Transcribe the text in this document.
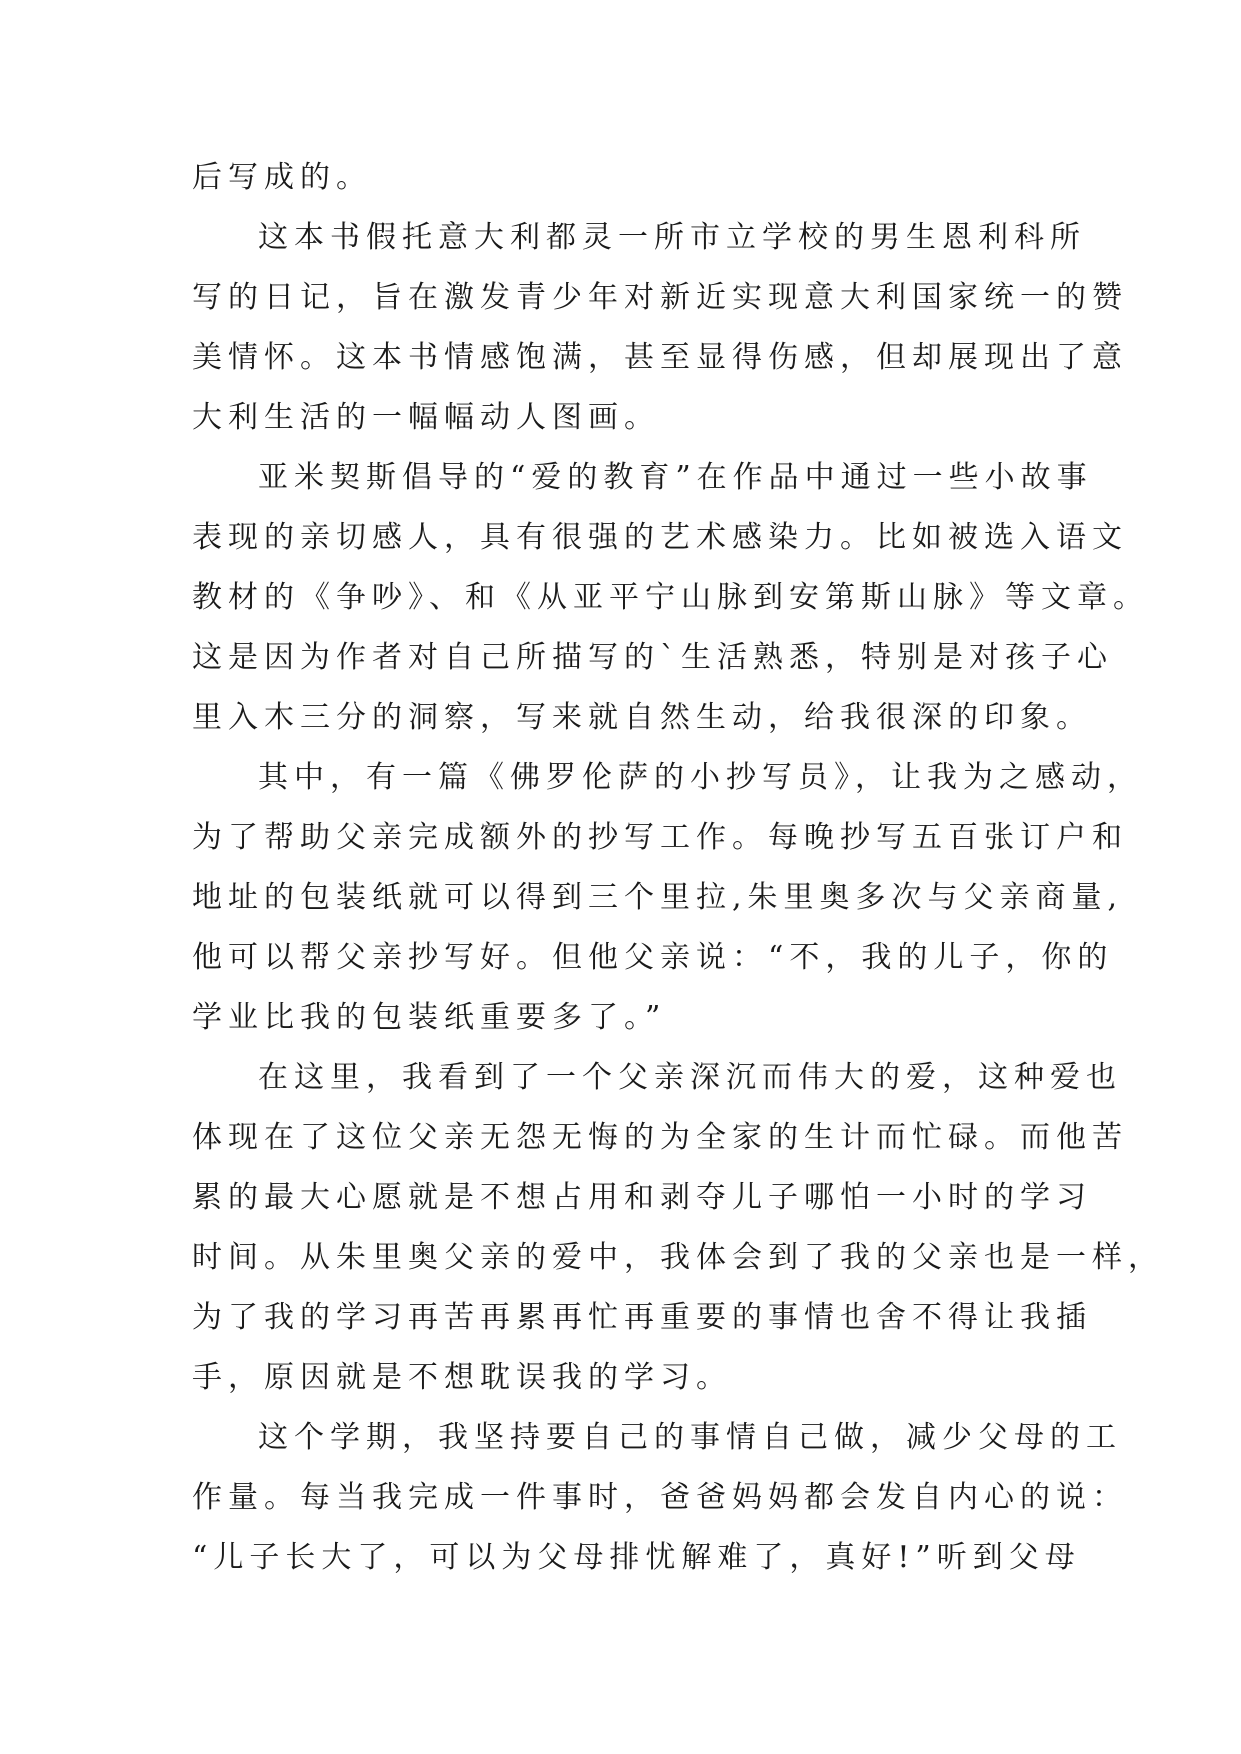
后写成的。
这本书假托意大利都灵一所市立学校的男生恩利科所
写的日记，旨在激发青少年对新近实现意大利国家统一的赞
美情怀。这本书情感饱满，甚至显得伤感，但却展现出了意
大利生活的一幅幅动人图画。
亚米契斯倡导的“爱的教育”在作品中通过一些小故事
表现的亲切感人，具有很强的艺术感染力。比如被选入语文
教材的《争吵》、和《从亚平宁山脉到安第斯山脉》等文章。
这是因为作者对自己所描写的`生活熟悉，特别是对孩子心
里入木三分的洞察，写来就自然生动，给我很深的印象。
其中，有一篇《佛罗伦萨的小抄写员》，让我为之感动，
为了帮助父亲完成额外的抄写工作。每晚抄写五百张订户和
地址的包装纸就可以得到三个里拉,朱里奥多次与父亲商量,
他可以帮父亲抄写好。但他父亲说：“不，我的儿子，你的
学业比我的包装纸重要多了。”
在这里，我看到了一个父亲深沉而伟大的爱，这种爱也
体现在了这位父亲无怨无悔的为全家的生计而忙碌。而他苦
累的最大心愿就是不想占用和剥夺儿子哪怕一小时的学习
时间。从朱里奥父亲的爱中，我体会到了我的父亲也是一样，
为了我的学习再苦再累再忙再重要的事情也舍不得让我插
手，原因就是不想耽误我的学习。
这个学期，我坚持要自己的事情自己做，减少父母的工
作量。每当我完成一件事时，爸爸妈妈都会发自内心的说：
“儿子长大了，可以为父母排忧解难了，真好!”听到父母
